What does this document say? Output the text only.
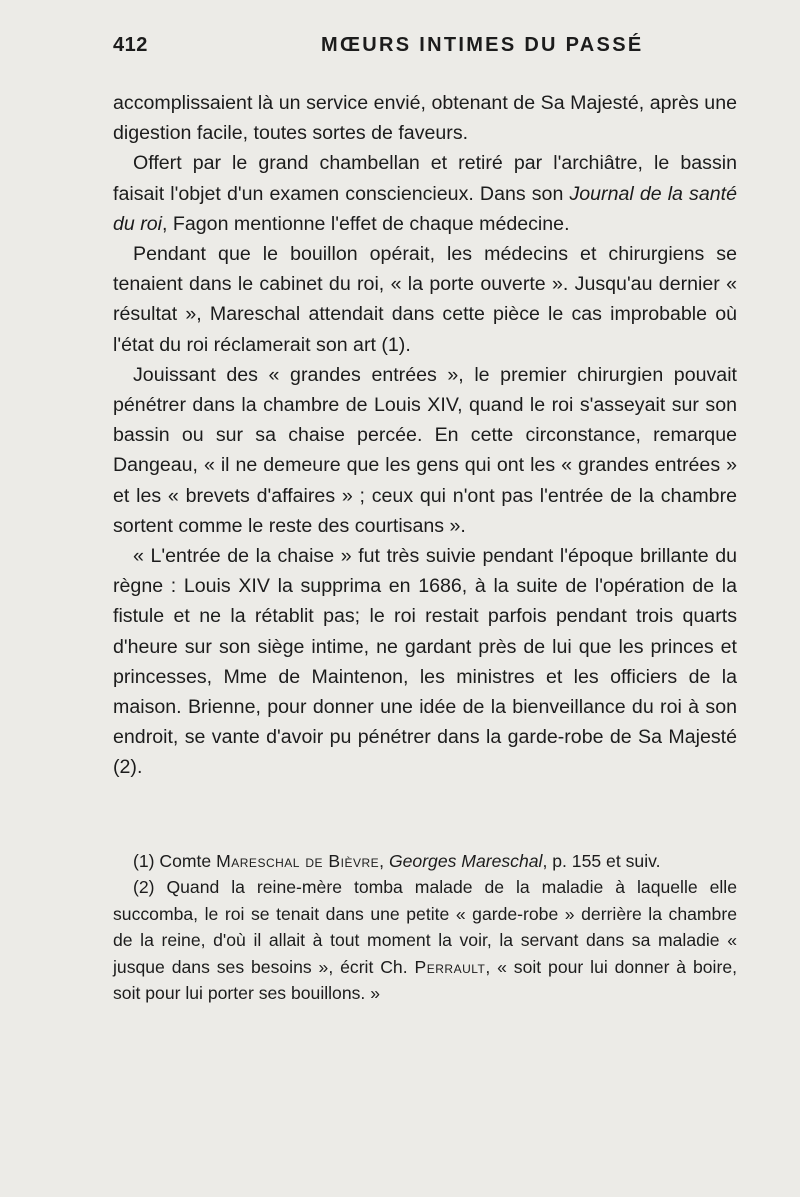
412	MŒURS INTIMES DU PASSÉ

accomplissaient là un service envié, obtenant de Sa Majesté, après une digestion facile, toutes sortes de faveurs.

Offert par le grand chambellan et retiré par l'archiâtre, le bassin faisait l'objet d'un examen consciencieux. Dans son Journal de la santé du roi, Fagon mentionne l'effet de chaque médecine.

Pendant que le bouillon opérait, les médecins et chirurgiens se tenaient dans le cabinet du roi, « la porte ouverte ». Jusqu'au dernier « résultat », Mareschal attendait dans cette pièce le cas improbable où l'état du roi réclamerait son art (1).

Jouissant des « grandes entrées », le premier chirurgien pouvait pénétrer dans la chambre de Louis XIV, quand le roi s'asseyait sur son bassin ou sur sa chaise percée. En cette circonstance, remarque Dangeau, « il ne demeure que les gens qui ont les « grandes entrées » et les « brevets d'affaires » ; ceux qui n'ont pas l'entrée de la chambre sortent comme le reste des courtisans ».

« L'entrée de la chaise » fut très suivie pendant l'époque brillante du règne : Louis XIV la supprima en 1686, à la suite de l'opération de la fistule et ne la rétablit pas; le roi restait parfois pendant trois quarts d'heure sur son siège intime, ne gardant près de lui que les princes et princesses, Mme de Maintenon, les ministres et les officiers de la maison. Brienne, pour donner une idée de la bienveillance du roi à son endroit, se vante d'avoir pu pénétrer dans la garde-robe de Sa Majesté (2).

(1) Comte Mareschal de Bièvre, Georges Mareschal, p. 155 et suiv.

(2) Quand la reine-mère tomba malade de la maladie à laquelle elle succomba, le roi se tenait dans une petite « garde-robe » derrière la chambre de la reine, d'où il allait à tout moment la voir, la servant dans sa maladie « jusque dans ses besoins », écrit Ch. Perrault, « soit pour lui donner à boire, soit pour lui porter ses bouillons. »
